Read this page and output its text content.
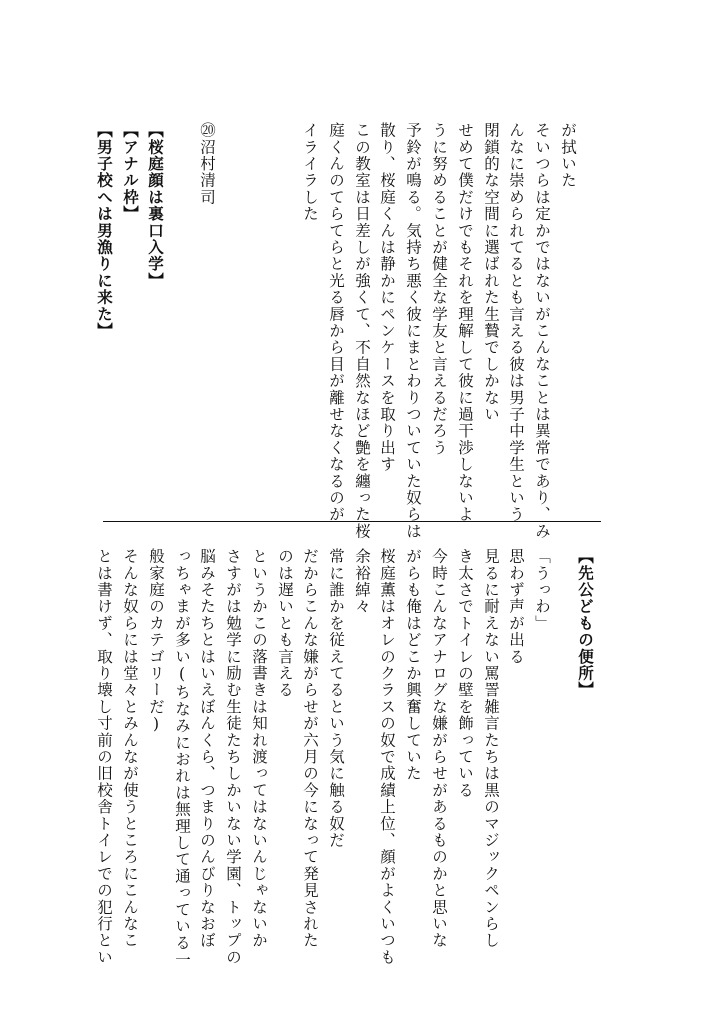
が拭いた

そいつらは定かではないがこんなことは異常であり、み

んなに崇められてるとも言える彼は男子中学生という

閉鎖的な空間に選ばれた生贄でしかない

せめて僕だけでもそれを理解して彼に過干渉しないよ

うに努めることが健全な学友と言えるだろう

予鈴が鳴る。気持ち悪く彼にまとわりついていた奴らは

散り、桜庭くんは静かにペンケースを取り出す

この教室は日差しが強くて、不自然なほど艶を纏った桜

庭くんのてらてらと光る唇から目が離せなくなるのが

イライラした

⑳沼村清司

【桜庭顔は裏口入学】

【アナル枠】

【男子校へは男漁りに来た】

【先公どもの便所】

「うっわ」

思わず声が出る

見るに耐えない罵詈雑言たちは黒のマジックペンらし

き太さでトイレの壁を飾っている

今時こんなアナログな嫌がらせがあるものかと思いな

がらも俺はどこか興奮していた

桜庭薫はオレのクラスの奴で成績上位、顔がよくいつも

余裕綽々

常に誰かを従えてるという気に触る奴だ

だからこんな嫌がらせが六月の今になって発見された

のは遅いとも言える

というかこの落書きは知れ渡ってはないんじゃないか

さすがは勉学に励む生徒たちしかいない学園、トップの

脳みそたちとはいえぼんくら、つまりのんびりなおぼ

っちゃまが多い(ちなみにおれは無理して通っている一

般家庭のカテゴリーだ)

そんな奴らには堂々とみんなが使うところにこんなこ

とは書けず、取り壊し寸前の旧校舎トイレでの犯行とい
